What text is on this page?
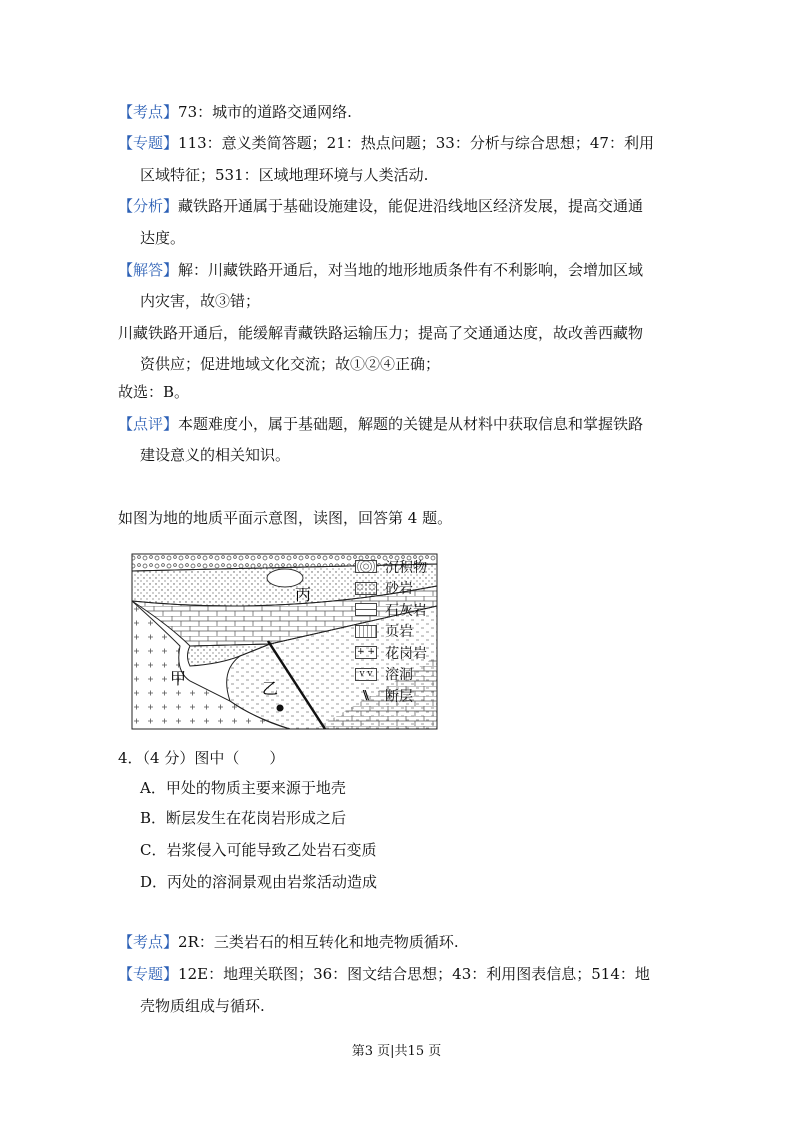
【考点】73：城市的道路交通网络.
【专题】113：意义类简答题；21：热点问题；33：分析与综合思想；47：利用
区域特征；531：区域地理环境与人类活动.
【分析】藏铁路开通属于基础设施建设，能促进沿线地区经济发展，提高交通通
达度。
【解答】解：川藏铁路开通后，对当地的地形地质条件有不利影响，会增加区域
内灾害，故③错；
川藏铁路开通后，能缓解青藏铁路运输压力；提高了交通通达度，故改善西藏物
资供应；促进地域文化交流；故①②④正确；
故选：B。
【点评】本题难度小，属于基础题，解题的关键是从材料中获取信息和掌握铁路
建设意义的相关知识。
如图为地的地质平面示意图，读图，回答第 4 题。
丙
甲
乙
沉积物
砂岩
石灰岩
页岩
+ + 花岗岩
v v 溶洞
⑊	断层
4．（4 分）图中（　　）
A．甲处的物质主要来源于地壳
B．断层发生在花岗岩形成之后
C．岩浆侵入可能导致乙处岩石变质
D．丙处的溶洞景观由岩浆活动造成
【考点】2R：三类岩石的相互转化和地壳物质循环.
【专题】12E：地理关联图；36：图文结合思想；43：利用图表信息；514：地
壳物质组成与循环.
第3 页|共15 页
